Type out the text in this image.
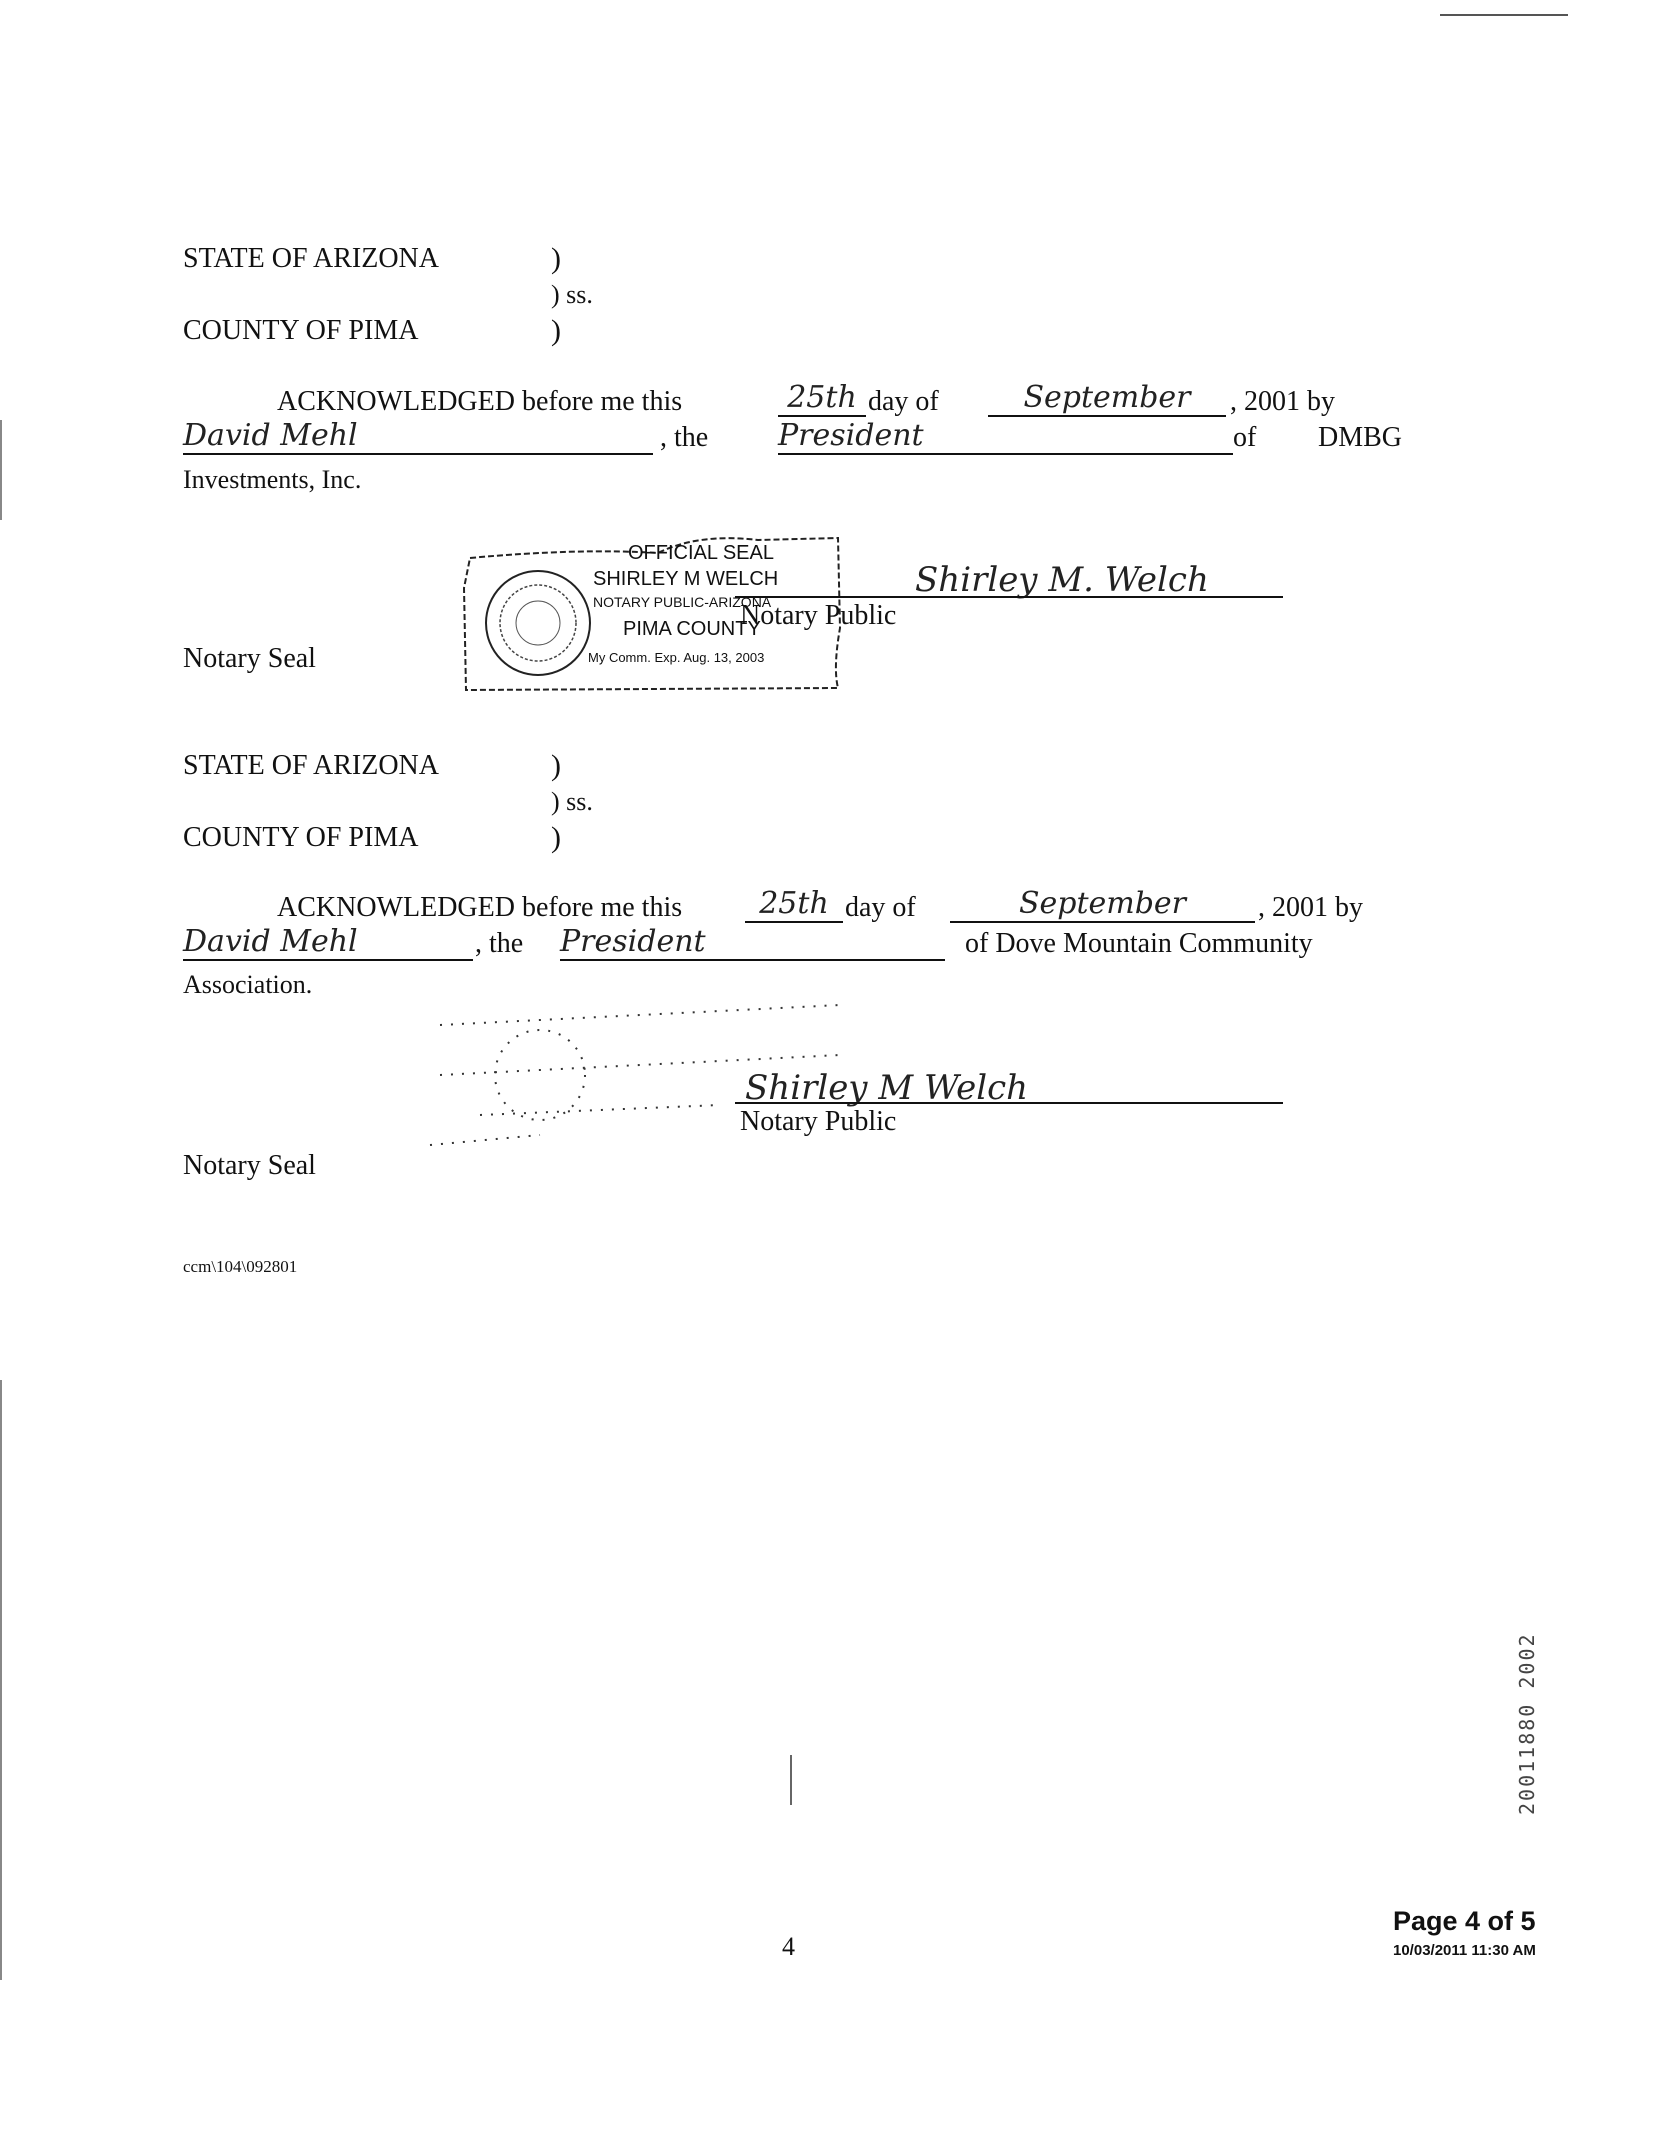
STATE OF ARIZONA	)
) ss.
COUNTY OF PIMA	)
ACKNOWLEDGED before me this	25th day of	September	, 2001 by
David Mehl	, the President	of DMBG
Investments, Inc.
OFFICIAL SEAL
SHIRLEY M WELCH
NOTARY PUBLIC-ARIZONA
PIMA COUNTY
My Comm. Exp. Aug. 13, 2003
Shirley M. Welch
Notary Public
Notary Seal
STATE OF ARIZONA	)
) ss.
COUNTY OF PIMA	)
ACKNOWLEDGED before me this	25th day of	September	, 2001 by
David Mehl	, the President	of Dove Mountain Community
Association.
Shirley M Welch
Notary Public
Notary Seal
ccm\104\092801
20011880 2002
4
Page 4 of 5
10/03/2011 11:30 AM
